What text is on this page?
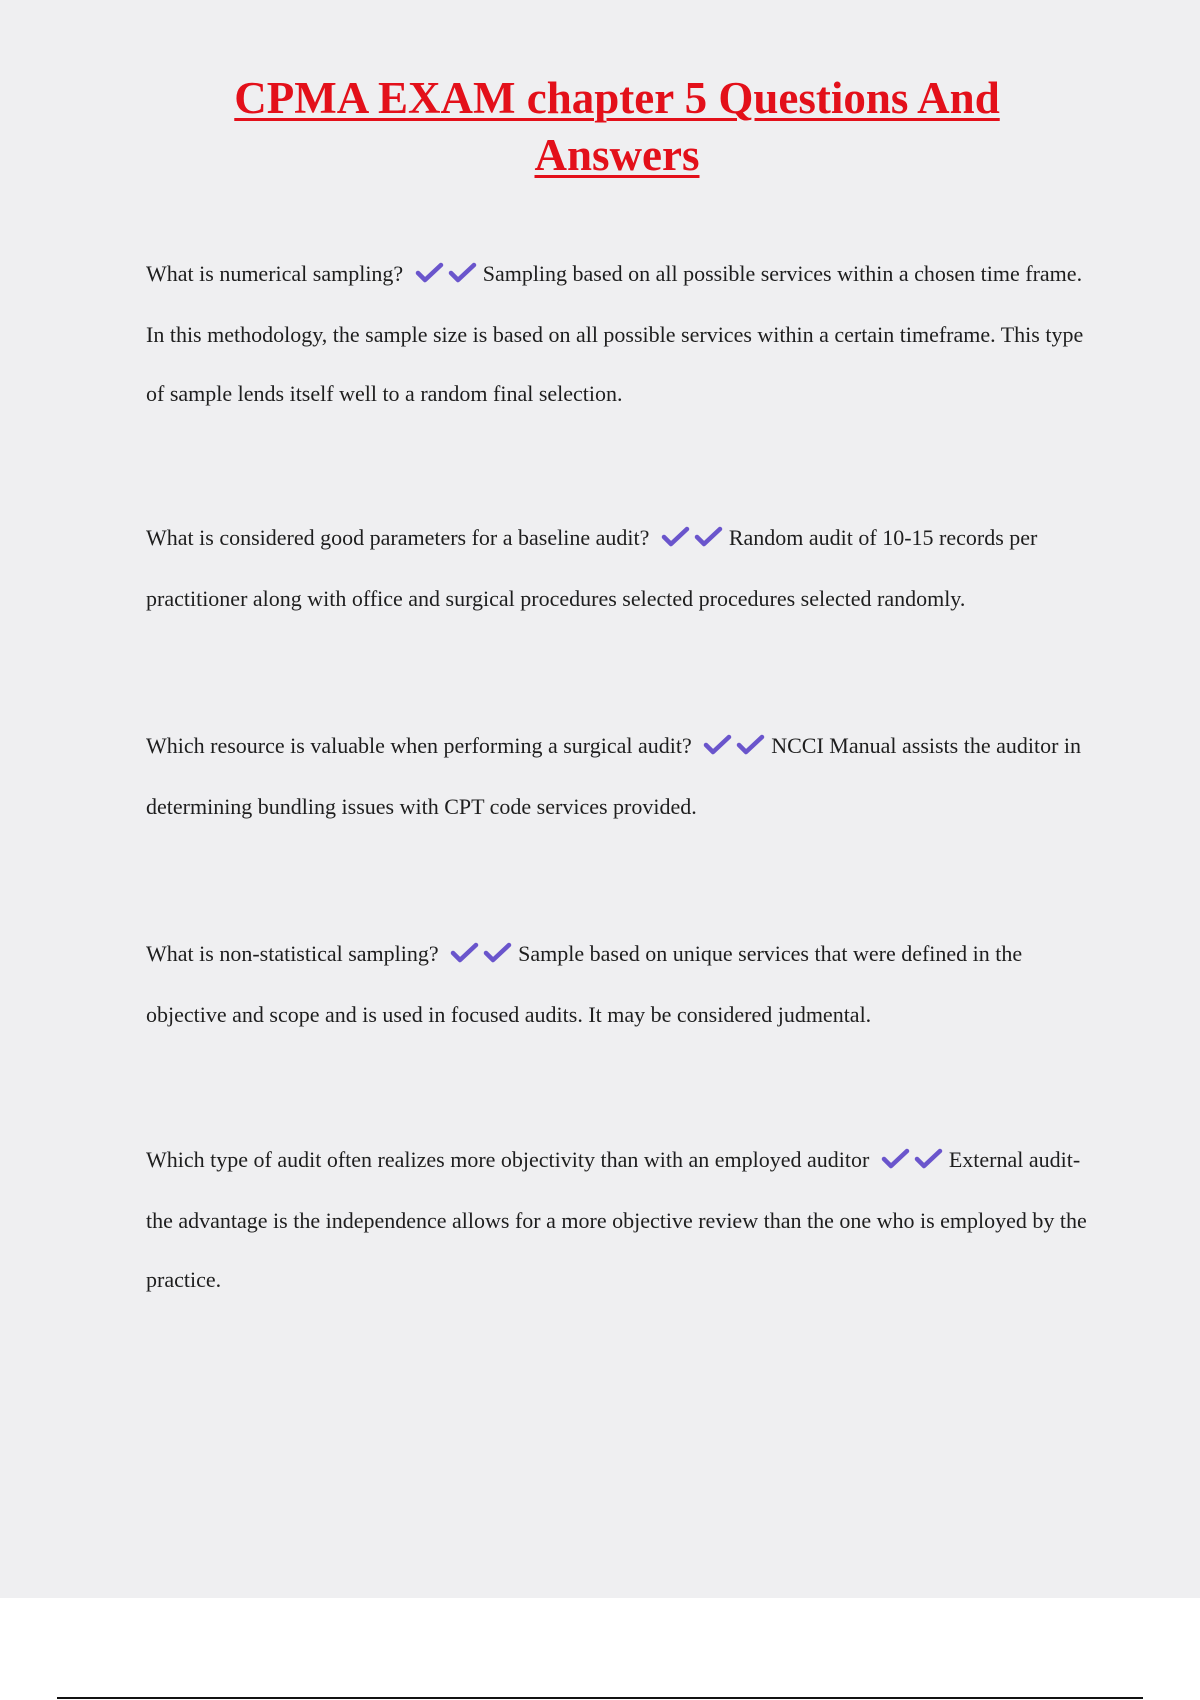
CPMA EXAM chapter 5 Questions And Answers

What is numerical sampling?	Sampling based on all possible services within a chosen time frame. In this methodology, the sample size is based on all possible services within a certain timeframe. This type of sample lends itself well to a random final selection.

What is considered good parameters for a baseline audit?	Random audit of 10-15 records per practitioner along with office and surgical procedures selected procedures selected randomly.

Which resource is valuable when performing a surgical audit?	NCCI Manual assists the auditor in determining bundling issues with CPT code services provided.

What is non-statistical sampling?	Sample based on unique services that were defined in the objective and scope and is used in focused audits. It may be considered judmental.

Which type of audit often realizes more objectivity than with an employed auditor	External audit- the advantage is the independence allows for a more objective review than the one who is employed by the practice.
